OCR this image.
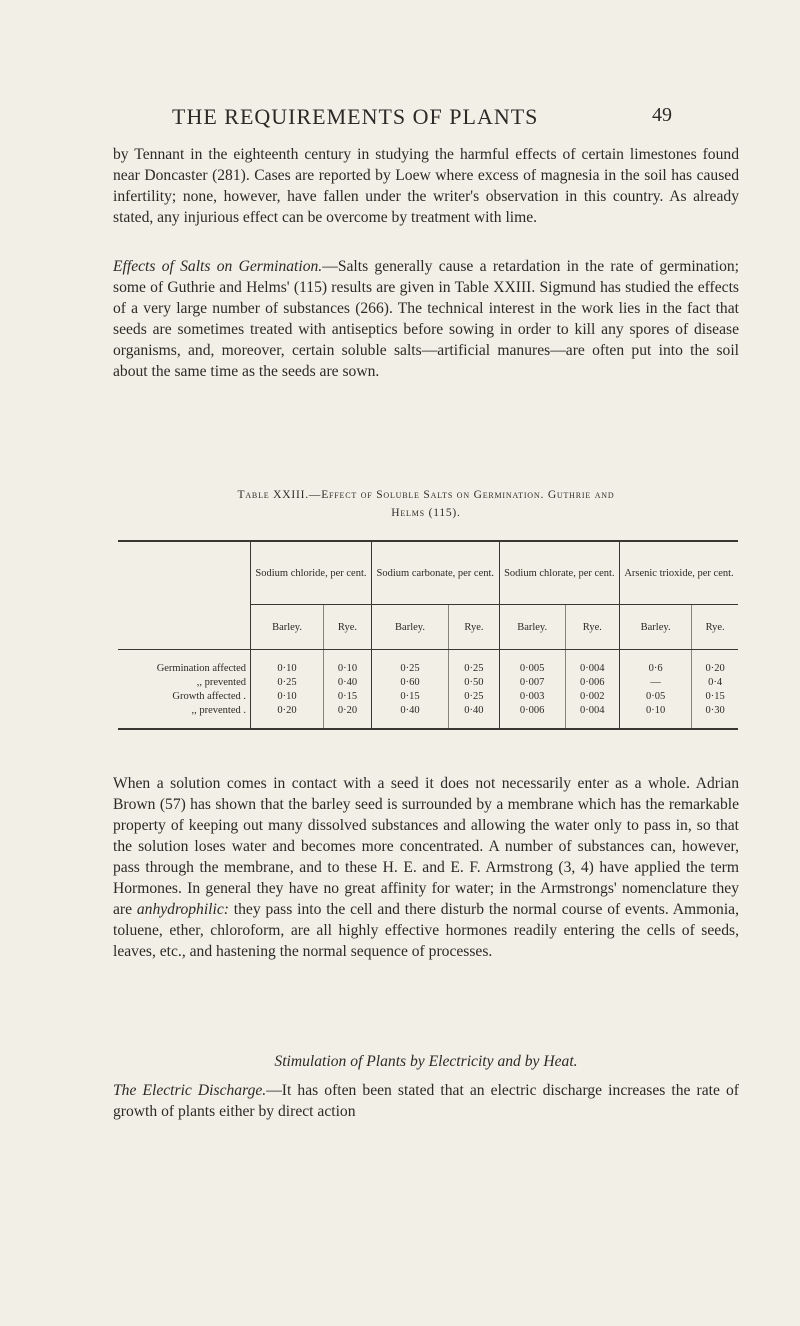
THE REQUIREMENTS OF PLANTS	49

by Tennant in the eighteenth century in studying the harmful effects of certain limestones found near Doncaster (281). Cases are reported by Loew where excess of magnesia in the soil has caused infertility; none, however, have fallen under the writer's observation in this country. As already stated, any injurious effect can be overcome by treatment with lime.

Effects of Salts on Germination.—Salts generally cause a retardation in the rate of germination; some of Guthrie and Helms' (115) results are given in Table XXIII. Sigmund has studied the effects of a very large number of substances (266). The technical interest in the work lies in the fact that seeds are sometimes treated with antiseptics before sowing in order to kill any spores of disease organisms, and, moreover, certain soluble salts—artificial manures—are often put into the soil about the same time as the seeds are sown.

Table XXIII.—Effect of Soluble Salts on Germination. Guthrie and
Helms (115).
	Sodium chloride, per cent.		Sodium carbonate, per cent.		Sodium chlorate, per cent.		Arsenic trioxide, per cent.	
	Barley.	Rye.	Barley.	Rye.	Barley.	Rye.	Barley.	Rye.
Germination affected	0·10	0·10	0·25	0·25	0·005	0·004	0·6	0·20
,, prevented	0·25	0·40	0·60	0·50	0·007	0·006	—	0·4
Growth affected .	0·10	0·15	0·15	0·25	0·003	0·002	0·05	0·15
,, prevented .	0·20	0·20	0·40	0·40	0·006	0·004	0·10	0·30

When a solution comes in contact with a seed it does not necessarily enter as a whole. Adrian Brown (57) has shown that the barley seed is surrounded by a membrane which has the remarkable property of keeping out many dissolved substances and allowing the water only to pass in, so that the solution loses water and becomes more concentrated. A number of substances can, however, pass through the membrane, and to these H. E. and E. F. Armstrong (3, 4) have applied the term Hormones. In general they have no great affinity for water; in the Armstrongs' nomenclature they are anhydrophilic: they pass into the cell and there disturb the normal course of events. Ammonia, toluene, ether, chloroform, are all highly effective hormones readily entering the cells of seeds, leaves, etc., and hastening the normal sequence of processes.

Stimulation of Plants by Electricity and by Heat.

The Electric Discharge.—It has often been stated that an electric discharge increases the rate of growth of plants either by direct action
